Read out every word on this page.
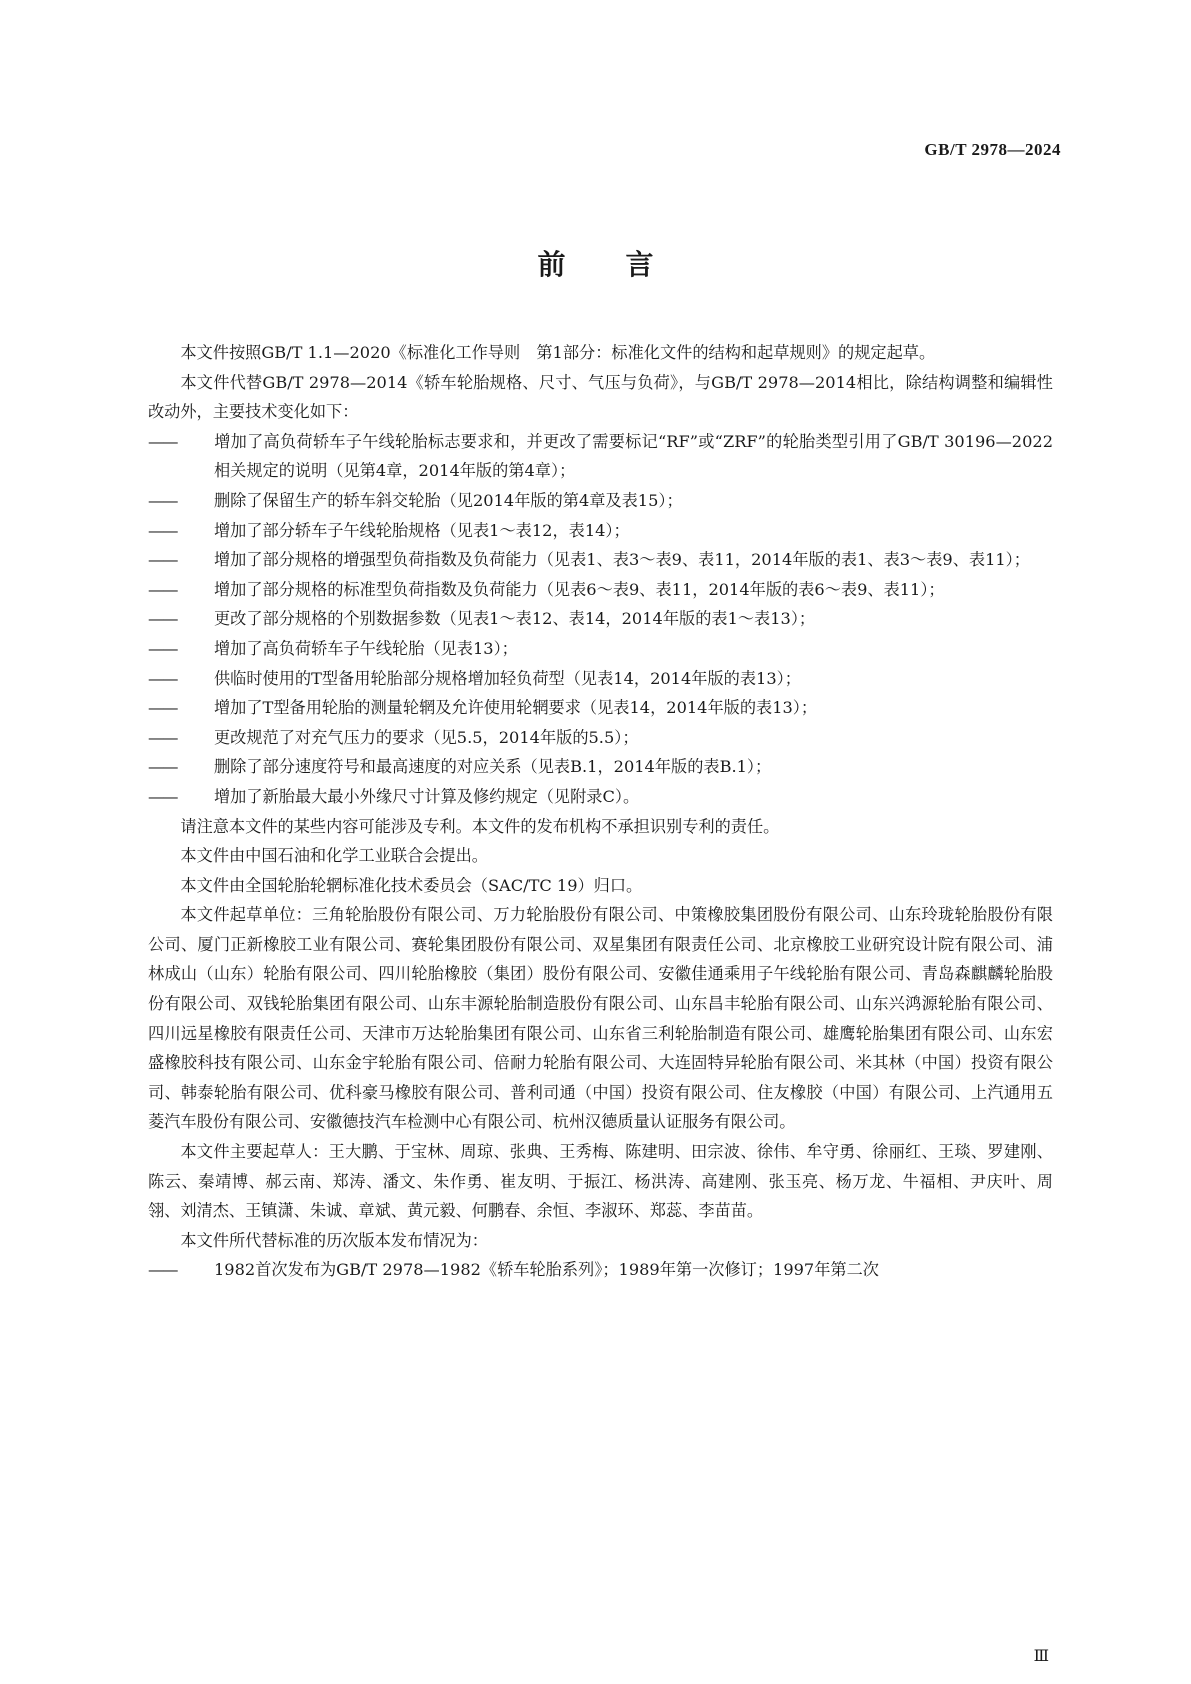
GB/T 2978—2024
前言

本文件按照GB/T 1.1—2020《标准化工作导则　第1部分：标准化文件的结构和起草规则》的规定起草。

本文件代替GB/T 2978—2014《轿车轮胎规格、尺寸、气压与负荷》，与GB/T 2978—2014相比，除结构调整和编辑性改动外，主要技术变化如下：

—— 增加了高负荷轿车子午线轮胎标志要求和，并更改了需要标记“RF”或“ZRF”的轮胎类型引用了GB/T 30196—2022相关规定的说明（见第4章，2014年版的第4章）；

—— 删除了保留生产的轿车斜交轮胎（见2014年版的第4章及表15）；

—— 增加了部分轿车子午线轮胎规格（见表1～表12，表14）；

—— 增加了部分规格的增强型负荷指数及负荷能力（见表1、表3～表9、表11，2014年版的表1、表3～表9、表11）；

—— 增加了部分规格的标准型负荷指数及负荷能力（见表6～表9、表11，2014年版的表6～表9、表11）；

—— 更改了部分规格的个别数据参数（见表1～表12、表14，2014年版的表1～表13）；

—— 增加了高负荷轿车子午线轮胎（见表13）；

—— 供临时使用的T型备用轮胎部分规格增加轻负荷型（见表14，2014年版的表13）；

—— 增加了T型备用轮胎的测量轮辋及允许使用轮辋要求（见表14，2014年版的表13）；

—— 更改规范了对充气压力的要求（见5.5，2014年版的5.5）；

—— 删除了部分速度符号和最高速度的对应关系（见表B.1，2014年版的表B.1）；

—— 增加了新胎最大最小外缘尺寸计算及修约规定（见附录C）。

请注意本文件的某些内容可能涉及专利。本文件的发布机构不承担识别专利的责任。

本文件由中国石油和化学工业联合会提出。

本文件由全国轮胎轮辋标准化技术委员会（SAC/TC 19）归口。

本文件起草单位：三角轮胎股份有限公司、万力轮胎股份有限公司、中策橡胶集团股份有限公司、山东玲珑轮胎股份有限公司、厦门正新橡胶工业有限公司、赛轮集团股份有限公司、双星集团有限责任公司、北京橡胶工业研究设计院有限公司、浦林成山（山东）轮胎有限公司、四川轮胎橡胶（集团）股份有限公司、安徽佳通乘用子午线轮胎有限公司、青岛森麒麟轮胎股份有限公司、双钱轮胎集团有限公司、山东丰源轮胎制造股份有限公司、山东昌丰轮胎有限公司、山东兴鸿源轮胎有限公司、四川远星橡胶有限责任公司、天津市万达轮胎集团有限公司、山东省三利轮胎制造有限公司、雄鹰轮胎集团有限公司、山东宏盛橡胶科技有限公司、山东金宇轮胎有限公司、倍耐力轮胎有限公司、大连固特异轮胎有限公司、米其林（中国）投资有限公司、韩泰轮胎有限公司、优科豪马橡胶有限公司、普利司通（中国）投资有限公司、住友橡胶（中国）有限公司、上汽通用五菱汽车股份有限公司、安徽德技汽车检测中心有限公司、杭州汉德质量认证服务有限公司。

本文件主要起草人：王大鹏、于宝林、周琼、张典、王秀梅、陈建明、田宗波、徐伟、牟守勇、徐丽红、王琰、罗建刚、陈云、秦靖博、郝云南、郑涛、潘文、朱作勇、崔友明、于振江、杨洪涛、高建刚、张玉亮、杨万龙、牛福相、尹庆叶、周翎、刘清杰、王镇潇、朱诚、章斌、黄元毅、何鹏春、余恒、李淑环、郑蕊、李苗苗。

本文件所代替标准的历次版本发布情况为：

—— 1982首次发布为GB/T 2978—1982《轿车轮胎系列》；1989年第一次修订；1997年第二次

Ⅲ
